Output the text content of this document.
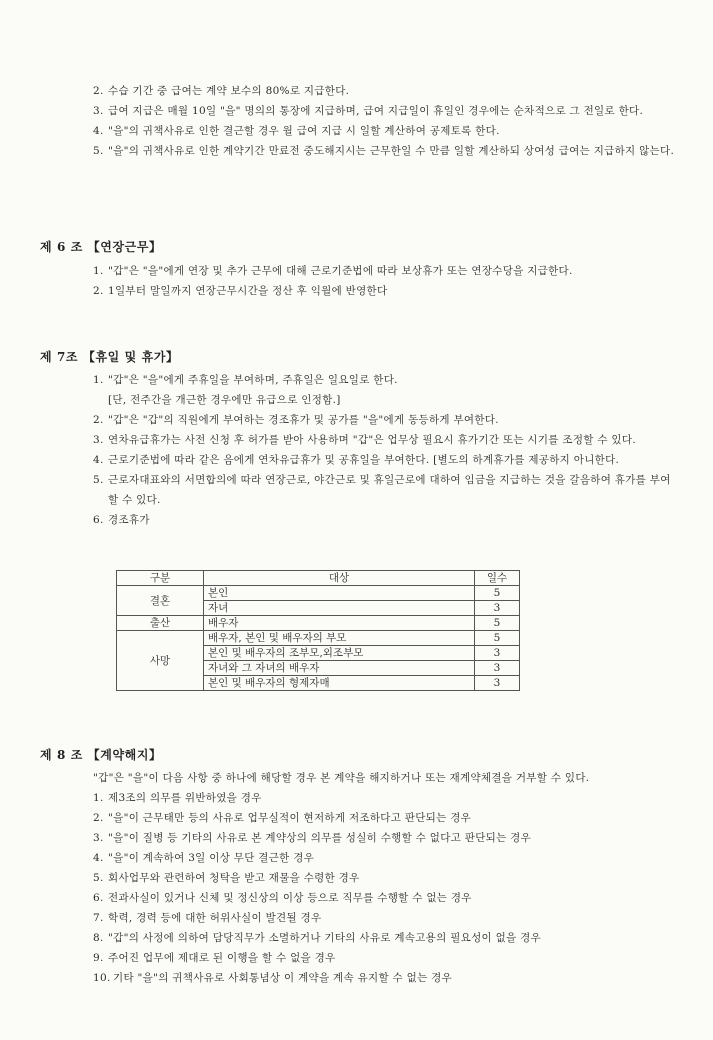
2. 수습 기간 중 급여는 계약 보수의 80%로 지급한다.
3. 급여 지급은 매월 10일 "을" 명의의 통장에 지급하며, 급여 지급일이 휴일인 경우에는 순차적으로 그 전일로 한다.
4. "을"의 귀책사유로 인한 결근할 경우 월 급여 지급 시 일할 계산하여 공제토록 한다.
5. "을"의 귀책사유로 인한 계약기간 만료전 중도해지시는 근무한일 수 만큼 일할 계산하되 상여성 급여는 지급하지 않는다.
제 6 조 【연장근무】
1. "갑"은 "을"에게 연장 및 추가 근무에 대해 근로기준법에 따라 보상휴가 또는 연장수당을 지급한다.
2. 1일부터 말일까지 연장근무시간을 정산 후 익월에 반영한다
제 7조 【휴일 및 휴가】
1. "갑"은 "을"에게 주휴일을 부여하며, 주휴일은 일요일로 한다.
[단, 전주간을 개근한 경우에만 유급으로 인정함.]
2. "갑"은 "갑"의 직원에게 부여하는 경조휴가 및 공가를 "을"에게 동등하게 부여한다.
3. 연차유급휴가는 사전 신청 후 허가를 받아 사용하며 "갑"은 업무상 필요시 휴가기간 또는 시기를 조정할 수 있다.
4. 근로기준법에 따라 같은 음에게 연차유급휴가 및 공휴일을 부여한다. [별도의 하계휴가를 제공하지 아니한다.
5. 근로자대표와의 서면합의에 따라 연장근로, 야간근로 및 휴일근로에 대하여 임금을 지급하는 것을 갈음하여 휴가를 부여 할 수 있다.
6. 경조휴가
구분	대상	일수
결혼	본인	5
	자녀	3
출산	배우자	5
사망	배우자, 본인 및 배우자의 부모	5
	본인 및 배우자의 조부모,외조부모	3
	자녀와 그 자녀의 배우자	3
	본인 및 배우자의 형제자매	3
제 8 조 【계약해지】
"갑"은 "을"이 다음 사항 중 하나에 해당할 경우 본 계약을 해지하거나 또는 재계약체결을 거부할 수 있다.
1. 제3조의 의무를 위반하였을 경우
2. "을"이 근무태만 등의 사유로 업무실적이 현저하게 저조하다고 판단되는 경우
3. "을"이 질병 등 기타의 사유로 본 계약상의 의무를 성실히 수행할 수 없다고 판단되는 경우
4. "을"이 계속하여 3일 이상 무단 결근한 경우
5. 회사업무와 관련하여 청탁을 받고 재물을 수령한 경우
6. 전과사실이 있거나 신체 및 정신상의 이상 등으로 직무를 수행할 수 없는 경우
7. 학력, 경력 등에 대한 허위사실이 발견될 경우
8. "갑"의 사정에 의하여 담당직무가 소멸하거나 기타의 사유로 계속고용의 필요성이 없을 경우
9. 주어진 업무에 제대로 된 이행을 할 수 없을 경우
10. 기타 "을"의 귀책사유로 사회통념상 이 계약을 계속 유지할 수 없는 경우
